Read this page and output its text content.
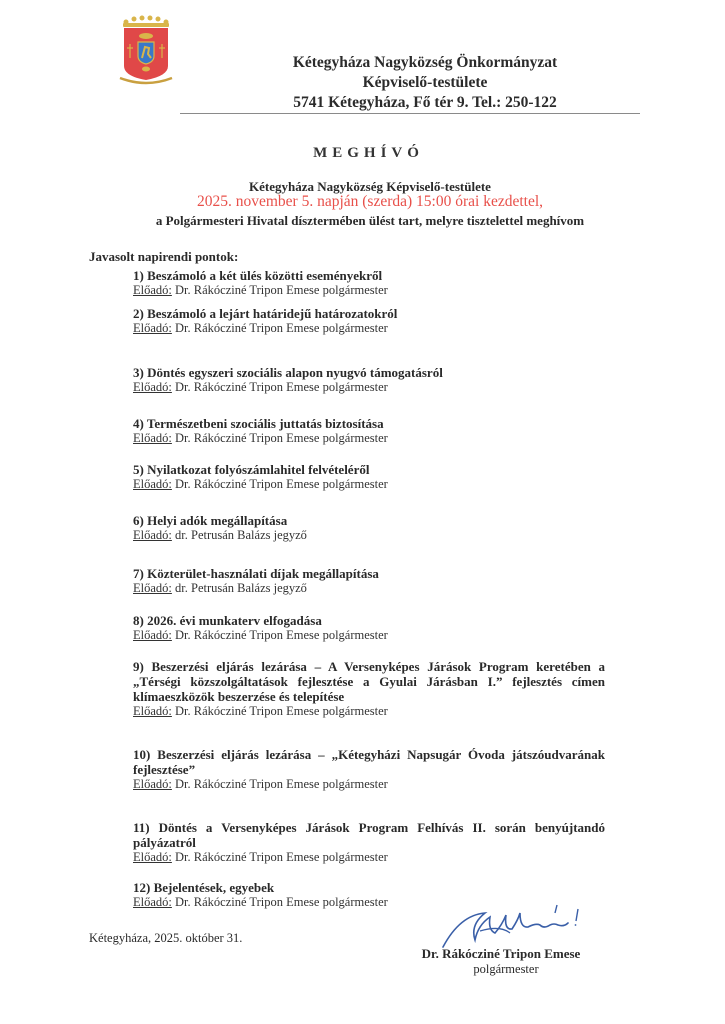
Kétegyháza Nagyközség Önkormányzat
Képviselő-testülete
5741 Kétegyháza, Fő tér 9. Tel.: 250-122
MEGHÍVÓ
Kétegyháza Nagyközség Képviselő-testülete
2025. november 5. napján (szerda) 15:00 órai kezdettel,
a Polgármesteri Hivatal dísztermében ülést tart, melyre tisztelettel meghívom
Javasolt napirendi pontok:
1) Beszámoló a két ülés közötti eseményekről
Előadó: Dr. Rákócziné Tripon Emese polgármester
2) Beszámoló a lejárt határidejű határozatokról
Előadó: Dr. Rákócziné Tripon Emese polgármester
3) Döntés egyszeri szociális alapon nyugvó támogatásról
Előadó: Dr. Rákócziné Tripon Emese polgármester
4) Természetbeni szociális juttatás biztosítása
Előadó: Dr. Rákócziné Tripon Emese polgármester
5) Nyilatkozat folyószámlahitel felvételéről
Előadó: Dr. Rákócziné Tripon Emese polgármester
6) Helyi adók megállapítása
Előadó: dr. Petrusán Balázs jegyző
7) Közterület-használati díjak megállapítása
Előadó: dr. Petrusán Balázs jegyző
8) 2026. évi munkaterv elfogadása
Előadó: Dr. Rákócziné Tripon Emese polgármester
9) Beszerzési eljárás lezárása – A Versenyképes Járások Program keretében a „Térségi közszolgáltatások fejlesztése a Gyulai Járásban I.” fejlesztés címen klímaeszközök beszerzése és telepítése
Előadó: Dr. Rákócziné Tripon Emese polgármester
10) Beszerzési eljárás lezárása – „Kétegyházi Napsugár Óvoda játszóudvarának fejlesztése”
Előadó: Dr. Rákócziné Tripon Emese polgármester
11) Döntés a Versenyképes Járások Program Felhívás II. során benyújtandó pályázatról
Előadó: Dr. Rákócziné Tripon Emese polgármester
12) Bejelentések, egyebek
Előadó: Dr. Rákócziné Tripon Emese polgármester
Kétegyháza, 2025. október 31.
Dr. Rákócziné Tripon Emese
polgármester
